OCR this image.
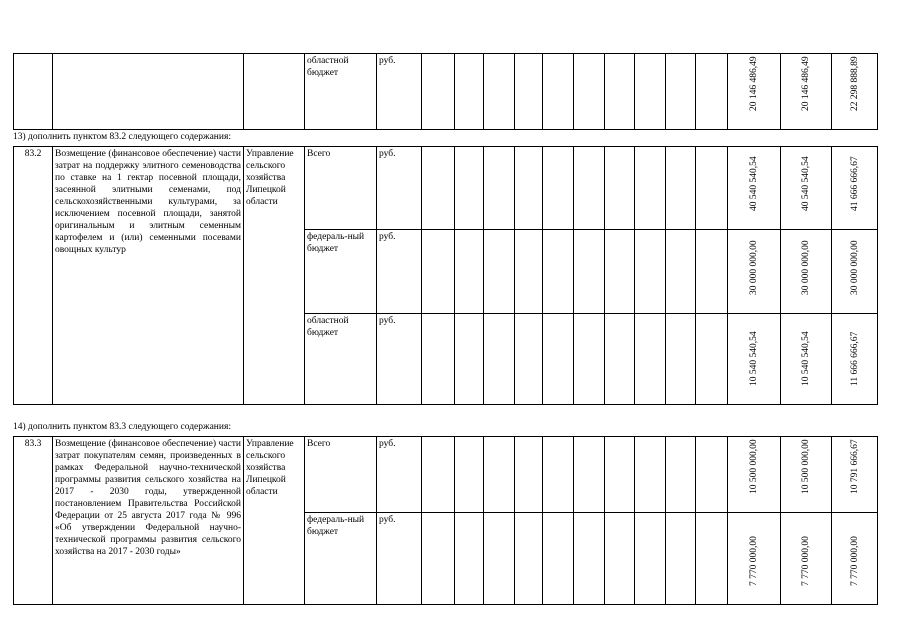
			областной бюджет	руб.											20 146 486,49	20 146 486,49	22 298 888,89
13) дополнить пунктом 83.2 следующего содержания:
83.2	Возмещение (финансовое обеспечение) части затрат на поддержку элитного семеноводства по ставке на 1 гектар посевной площади, засеянной элитными семенами, под сельскохозяйственными культурами, за исключением посевной площади, занятой оригинальным и элитным семенным картофелем и (или) семенными посевами овощных культур	Управление сельского хозяйства Липецкой области	Всего	руб.											40 540 540,54	40 540 540,54	41 666 666,67

			федераль-ный бюджет	руб.											30 000 000,00	30 000 000,00	30 000 000,00

			областной бюджет	руб.											10 540 540,54	10 540 540,54	11 666 666,67
14) дополнить пунктом 83.3 следующего содержания:
83.3	Возмещение (финансовое обеспечение) части затрат покупателям семян, произведенных в рамках Федеральной научно-технической программы развития сельского хозяйства на 2017 - 2030 годы, утвержденной постановлением Правительства Российской Федерации от 25 августа 2017 года № 996 «Об утверждении Федеральной научно-технической программы развития сельского хозяйства на 2017 - 2030 годы»	Управление сельского хозяйства Липецкой области	Всего	руб.											10 500 000,00	10 500 000,00	10 791 666,67

			федераль-ный бюджет	руб.											7 770 000,00	7 770 000,00	7 770 000,00
